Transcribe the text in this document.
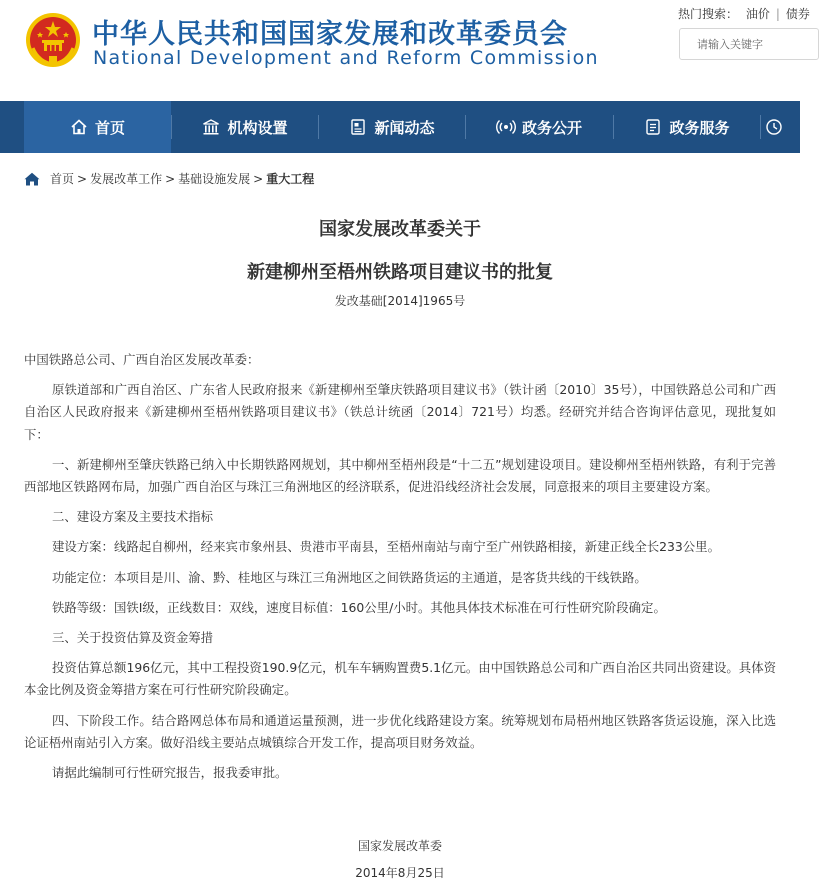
中华人民共和国国家发展和改革委员会
National Development and Reform Commission
热门搜索： 油价 | 债券
请输入关键字
首页	机构设置	新闻动态	政务公开	政务服务
首页 > 发展改革工作 > 基础设施发展 > 重大工程
国家发展改革委关于
新建柳州至梧州铁路项目建议书的批复
发改基础[2014]1965号

中国铁路总公司、广西自治区发展改革委：

原铁道部和广西自治区、广东省人民政府报来《新建柳州至肇庆铁路项目建议书》（铁计函〔2010〕35号），中国铁路总公司和广西自治区人民政府报来《新建柳州至梧州铁路项目建议书》（铁总计统函〔2014〕721号）均悉。经研究并结合咨询评估意见，现批复如下：

一、新建柳州至肇庆铁路已纳入中长期铁路网规划，其中柳州至梧州段是“十二五”规划建设项目。建设柳州至梧州铁路，有利于完善西部地区铁路网布局，加强广西自治区与珠江三角洲地区的经济联系，促进沿线经济社会发展，同意报来的项目主要建设方案。

二、建设方案及主要技术指标

建设方案：线路起自柳州，经来宾市象州县、贵港市平南县，至梧州南站与南宁至广州铁路相接，新建正线全长233公里。

功能定位：本项目是川、渝、黔、桂地区与珠江三角洲地区之间铁路货运的主通道，是客货共线的干线铁路。

铁路等级：国铁Ⅰ级，正线数目：双线，速度目标值：160公里/小时。其他具体技术标准在可行性研究阶段确定。

三、关于投资估算及资金筹措

投资估算总额196亿元，其中工程投资190.9亿元，机车车辆购置费5.1亿元。由中国铁路总公司和广西自治区共同出资建设。具体资本金比例及资金筹措方案在可行性研究阶段确定。

四、下阶段工作。结合路网总体布局和通道运量预测，进一步优化线路建设方案。统筹规划布局梧州地区铁路客货运设施，深入比选论证梧州南站引入方案。做好沿线主要站点城镇综合开发工作，提高项目财务效益。

请据此编制可行性研究报告，报我委审批。

国家发展改革委
2014年8月25日
